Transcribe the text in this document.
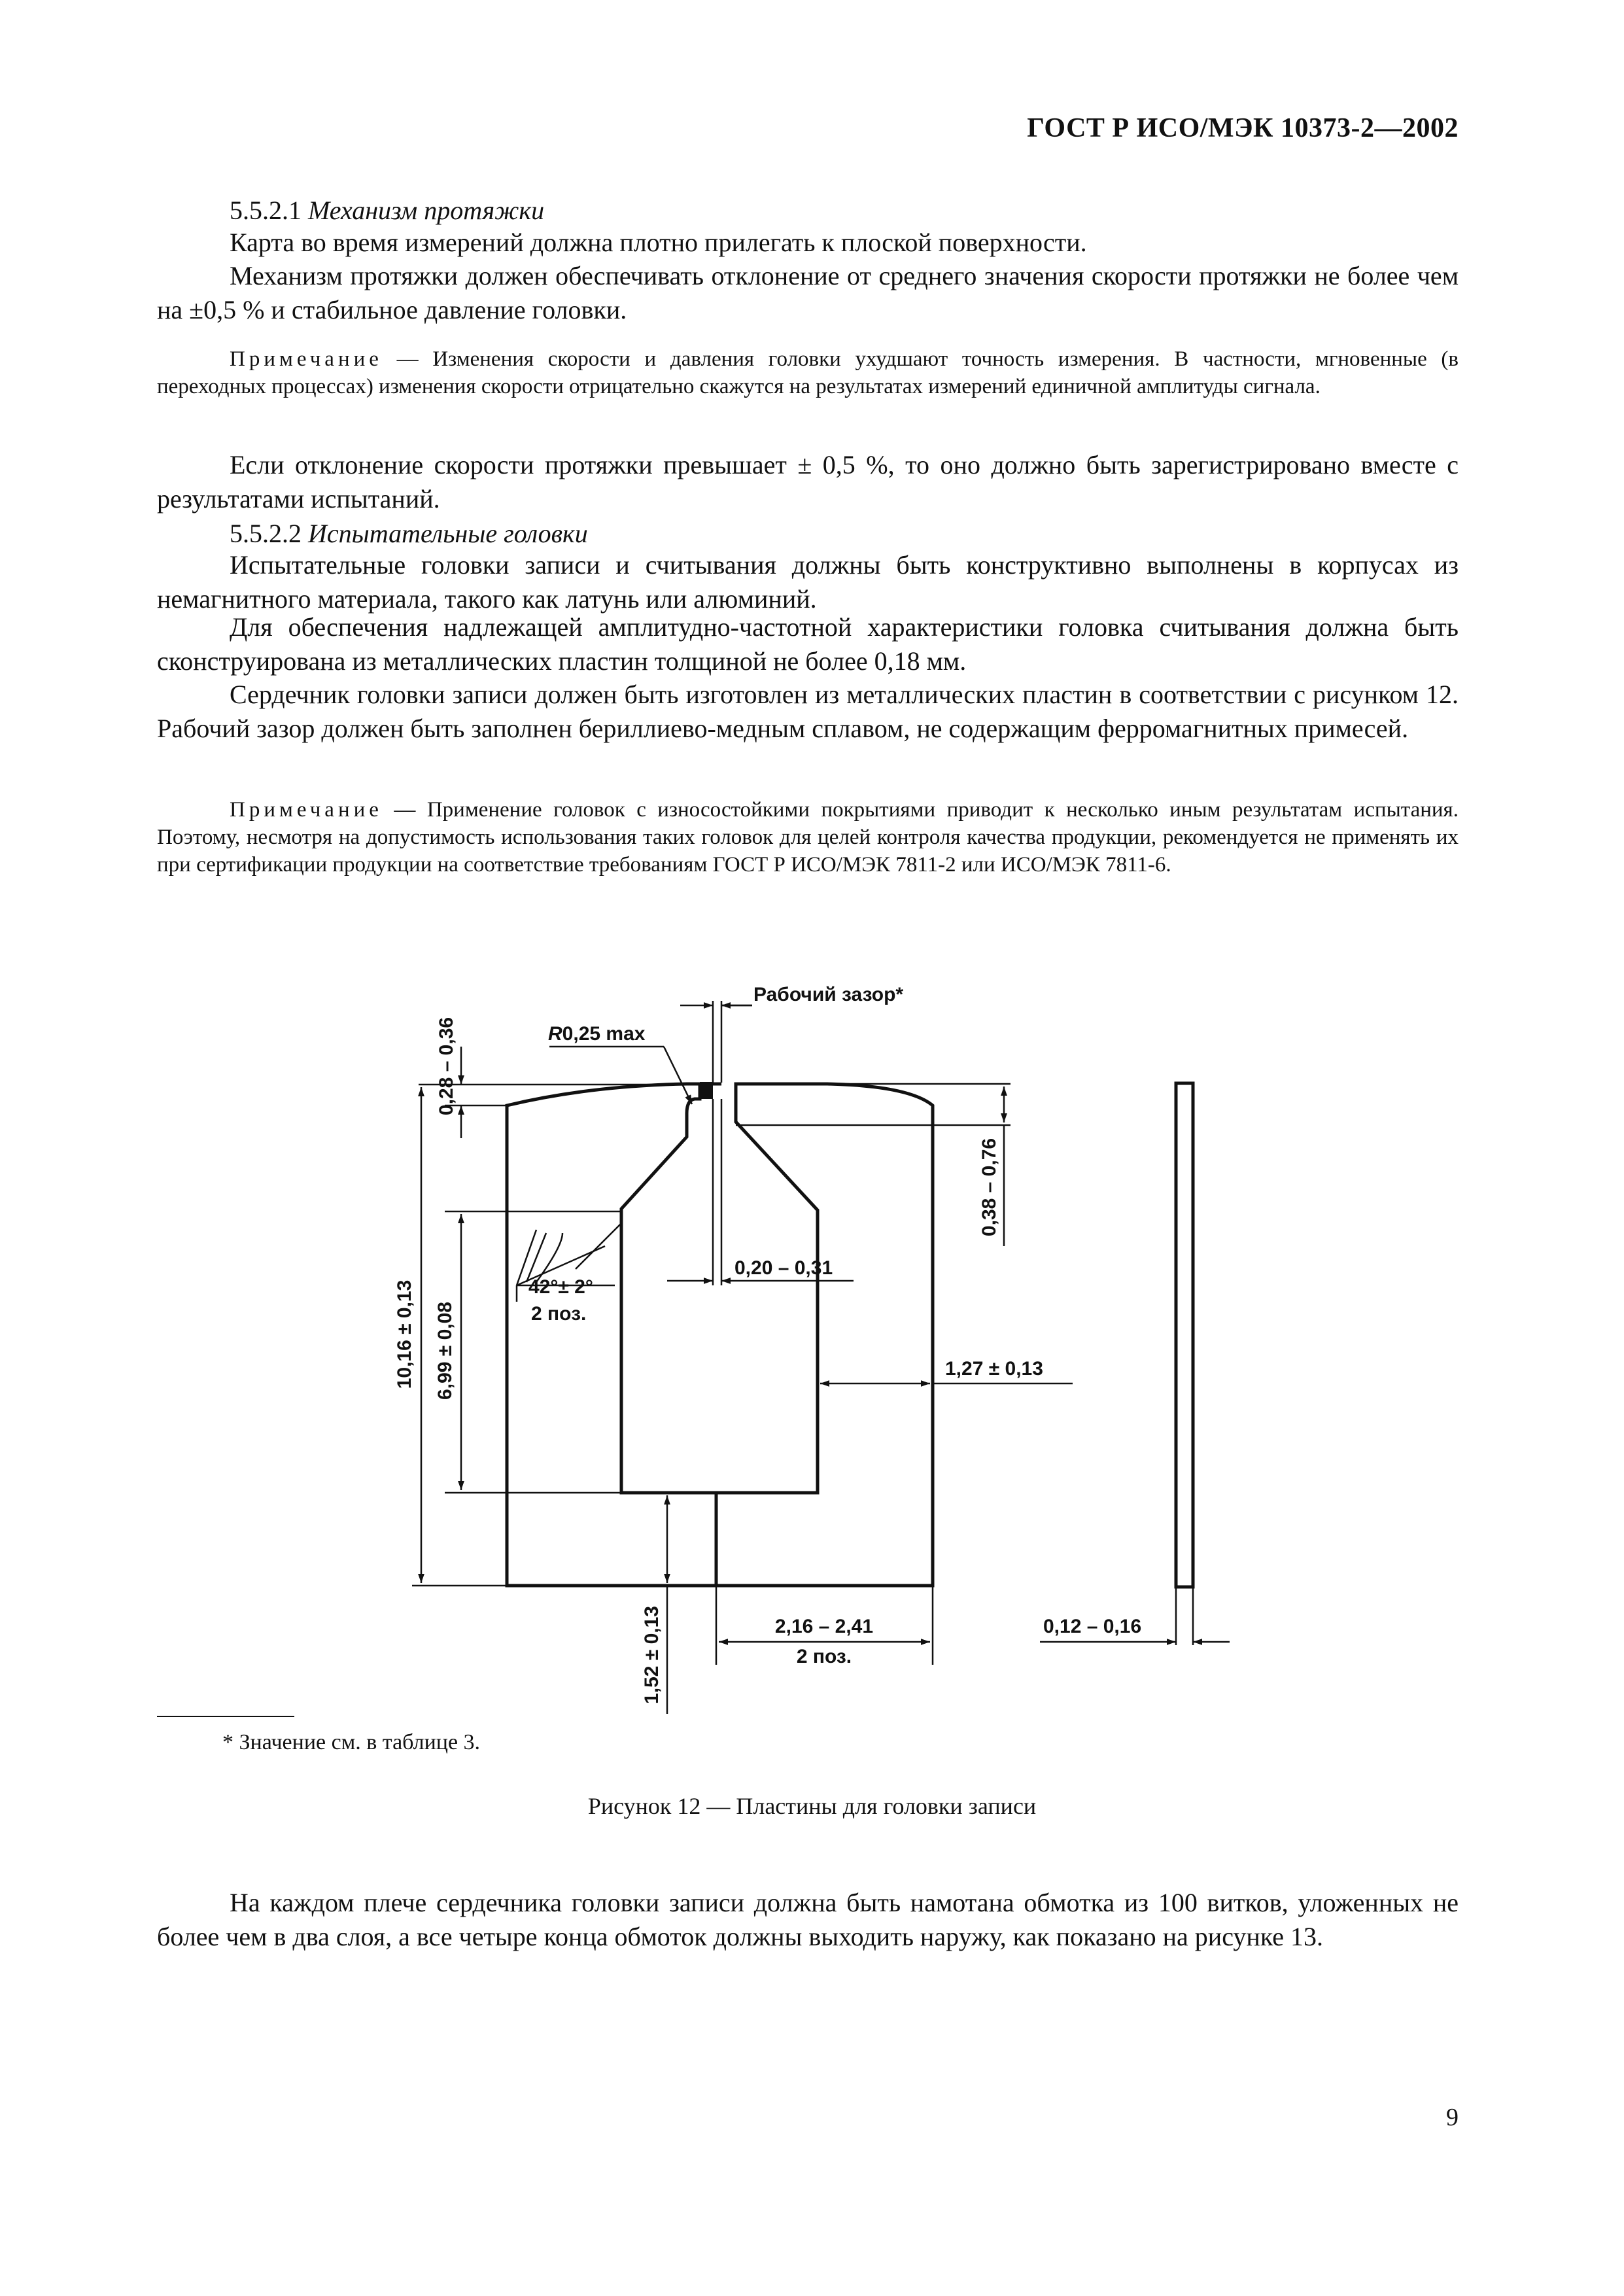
ГОСТ Р ИСО/МЭК 10373-2—2002
5.5.2.1 Механизм протяжки

Карта во время измерений должна плотно прилегать к плоской поверхности.

Механизм протяжки должен обеспечивать отклонение от среднего значения скорости протяжки не более чем на ±0,5 % и стабильное давление головки.

Примечание — Изменения скорости и давления головки ухудшают точность измерения. В частности, мгновенные (в переходных процессах) изменения скорости отрицательно скажутся на результатах измерений единичной амплитуды сигнала.

Если отклонение скорости протяжки превышает ± 0,5 %, то оно должно быть зарегистрировано вместе с результатами испытаний.

5.5.2.2 Испытательные головки

Испытательные головки записи и считывания должны быть конструктивно выполнены в корпусах из немагнитного материала, такого как латунь или алюминий.

Для обеспечения надлежащей амплитудно-частотной характеристики головка считывания должна быть сконструирована из металлических пластин толщиной не более 0,18 мм.

Сердечник головки записи должен быть изготовлен из металлических пластин в соответствии с рисунком 12. Рабочий зазор должен быть заполнен бериллиево-медным сплавом, не содержащим ферромагнитных примесей.

Примечание — Применение головок с износостойкими покрытиями приводит к несколько иным результатам испытания. Поэтому, несмотря на допустимость использования таких головок для целей контроля качества продукции, рекомендуется не применять их при сертификации продукции на соответствие требованиям ГОСТ Р ИСО/МЭК 7811-2 или ИСО/МЭК 7811-6.

Рабочий зазор*
R0,25 max
0,28 – 0,36
0,38 – 0,76
0,20 – 0,31
42°± 2°
2 поз.
10,16 ± 0,13 6,99 ± 0,08	1,27 ± 0,13
1,52 ± 0,13	2,16 – 2,41
2 поз.
0,12 – 0,16
* Значение см. в таблице 3.
Рисунок 12 — Пластины для головки записи

На каждом плече сердечника головки записи должна быть намотана обмотка из 100 витков, уложенных не более чем в два слоя, а все четыре конца обмоток должны выходить наружу, как показано на рисунке 13.

9
